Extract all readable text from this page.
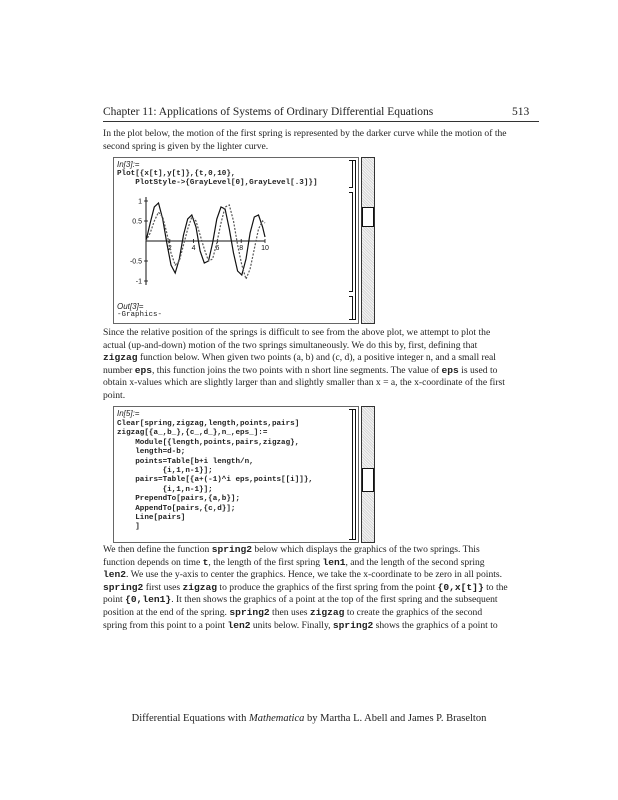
Chapter 11: Applications of Systems of Ordinary Differential Equations	513
In the plot below, the motion of the first spring is represented by the darker curve while the motion of the
second spring is given by the lighter curve.
In[3]:=
Plot[{x[t],y[t]},{t,0,10},
PlotStyle->{GrayLevel[0],GrayLevel[.3]}]
2	4	6	8	10
1
0.5
-0.5
-1
Out[3]=
-Graphics-
Since the relative position of the springs is difficult to see from the above plot, we attempt to plot the
actual (up-and-down) motion of the two springs simultaneously. We do this by, first, defining that
zigzag function below. When given two points (a, b) and (c, d), a positive integer n, and a small real
number eps, this function joins the two points with n short line segments. The value of eps is used to
obtain x-values which are slightly larger than and slightly smaller than x = a, the x-coordinate of the first
point.
In[5]:=
Clear[spring,zigzag,length,points,pairs]
zigzag[{a_,b_},{c_,d_},n_,eps_]:=
Module[{length,points,pairs,zigzag},
length=d-b;
points=Table[b+i length/n,
{i,1,n-1}];
pairs=Table[{a+(-1)^i eps,points[[i]]},
{i,1,n-1}];
PrependTo[pairs,{a,b}];
AppendTo[pairs,{c,d}];
Line[pairs]
]
We then define the function spring2 below which displays the graphics of the two springs. This
function depends on time t, the length of the first spring len1, and the length of the second spring
len2. We use the y-axis to center the graphics. Hence, we take the x-coordinate to be zero in all points.
spring2 first uses zigzag to produce the graphics of the first spring from the point {0,x[t]} to the
point {0,len1}. It then shows the graphics of a point at the top of the first spring and the subsequent
position at the end of the spring. spring2 then uses zigzag to create the graphics of the second
spring from this point to a point len2 units below. Finally, spring2 shows the graphics of a point to
Differential Equations with Mathematica by Martha L. Abell and James P. Braselton
